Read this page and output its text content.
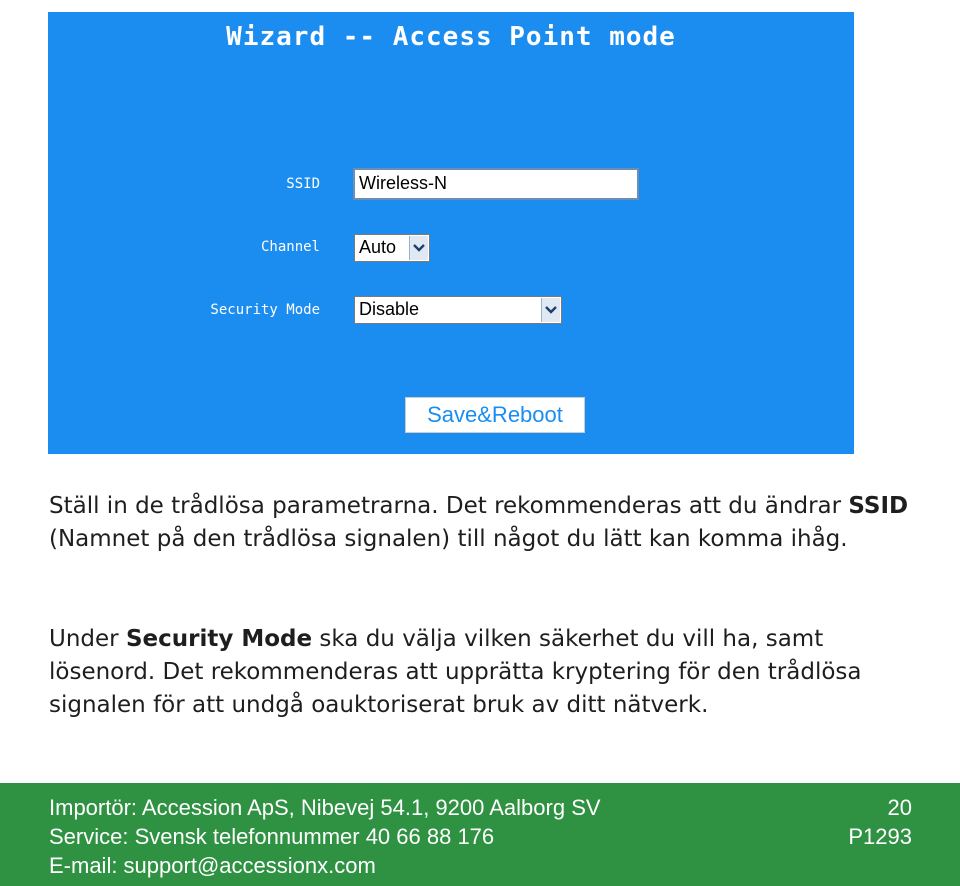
Wizard -- Access Point mode
SSID	Wireless-N
Channel Auto
Security Mode Disable
Save&Reboot
Ställ in de trådlösa parametrarna. Det rekommenderas att du ändrar SSID (Namnet på den trådlösa signalen) till något du lätt kan komma ihåg.
Under Security Mode ska du välja vilken säkerhet du vill ha, samt lösenord. Det rekommenderas att upprätta kryptering för den trådlösa signalen för att undgå oauktoriserat bruk av ditt nätverk.
Importör: Accession ApS, Nibevej 54.1, 9200 Aalborg SV
Service: Svensk telefonnummer 40 66 88 176
E-mail: support@accessionx.com
20
P1293
